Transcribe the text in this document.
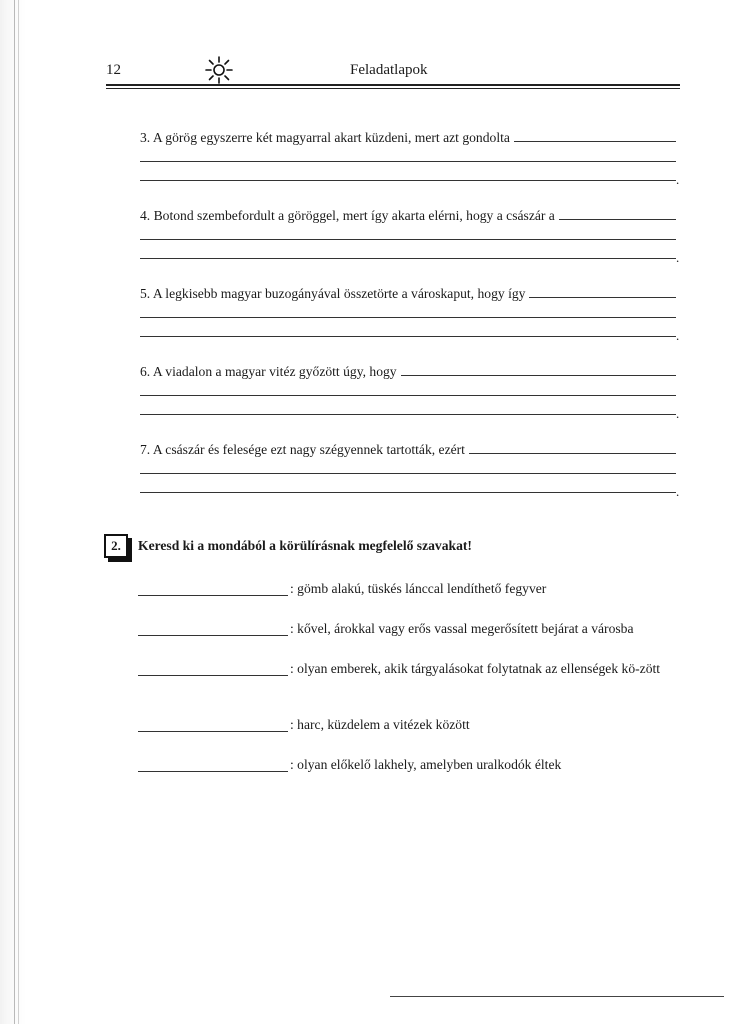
12	Feladatlapok
3. A görög egyszerre két magyarral akart küzdeni, mert azt gondolta
.
4. Botond szembefordult a göröggel, mert így akarta elérni, hogy a császár a
.
5. A legkisebb magyar buzogányával összetörte a városkaput, hogy így
.
6. A viadalon a magyar vitéz győzött úgy, hogy
.
7. A császár és felesége ezt nagy szégyennek tartották, ezért
.
2.	Keresd ki a mondából a körülírásnak megfelelő szavakat!
: gömb alakú, tüskés lánccal lendíthető fegyver
: kővel, árokkal vagy erős vassal megerősített bejárat a városba
: olyan emberek, akik tárgyalásokat folytatnak az ellenségek kö-zött
: harc, küzdelem a vitézek között
: olyan előkelő lakhely, amelyben uralkodók éltek
